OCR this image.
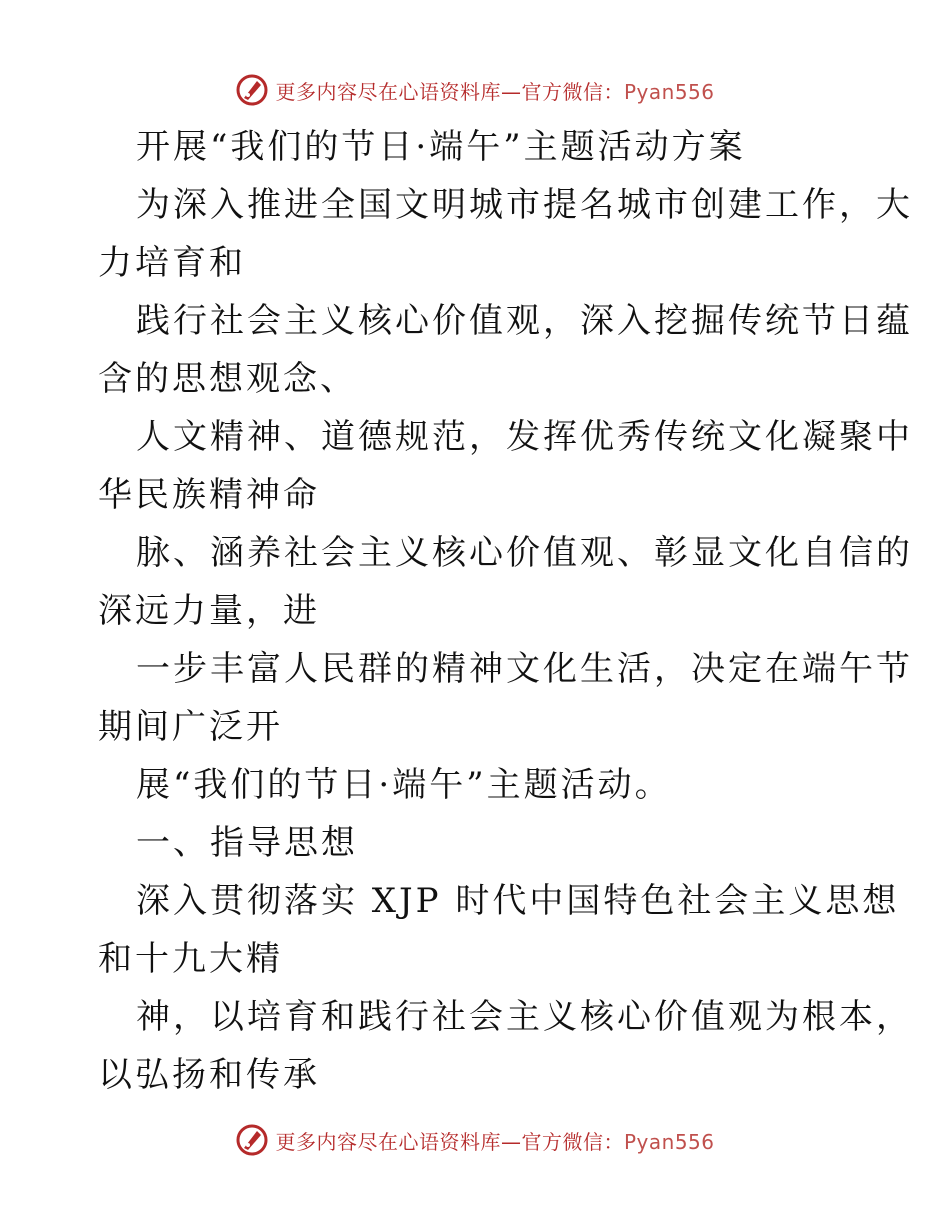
更多内容尽在心语资料库—官方微信：Pyan556
开展“我们的节日·端午”主题活动方案
为深入推进全国文明城市提名城市创建工作，大
力培育和
践行社会主义核心价值观，深入挖掘传统节日蕴
含的思想观念、
人文精神、道德规范，发挥优秀传统文化凝聚中
华民族精神命
脉、涵养社会主义核心价值观、彰显文化自信的
深远力量，进
一步丰富人民群的精神文化生活，决定在端午节
期间广泛开
展“我们的节日·端午”主题活动。
一、指导思想
深入贯彻落实 XJP 时代中国特色社会主义思想
和十九大精
神，以培育和践行社会主义核心价值观为根本，
以弘扬和传承
更多内容尽在心语资料库—官方微信：Pyan556
